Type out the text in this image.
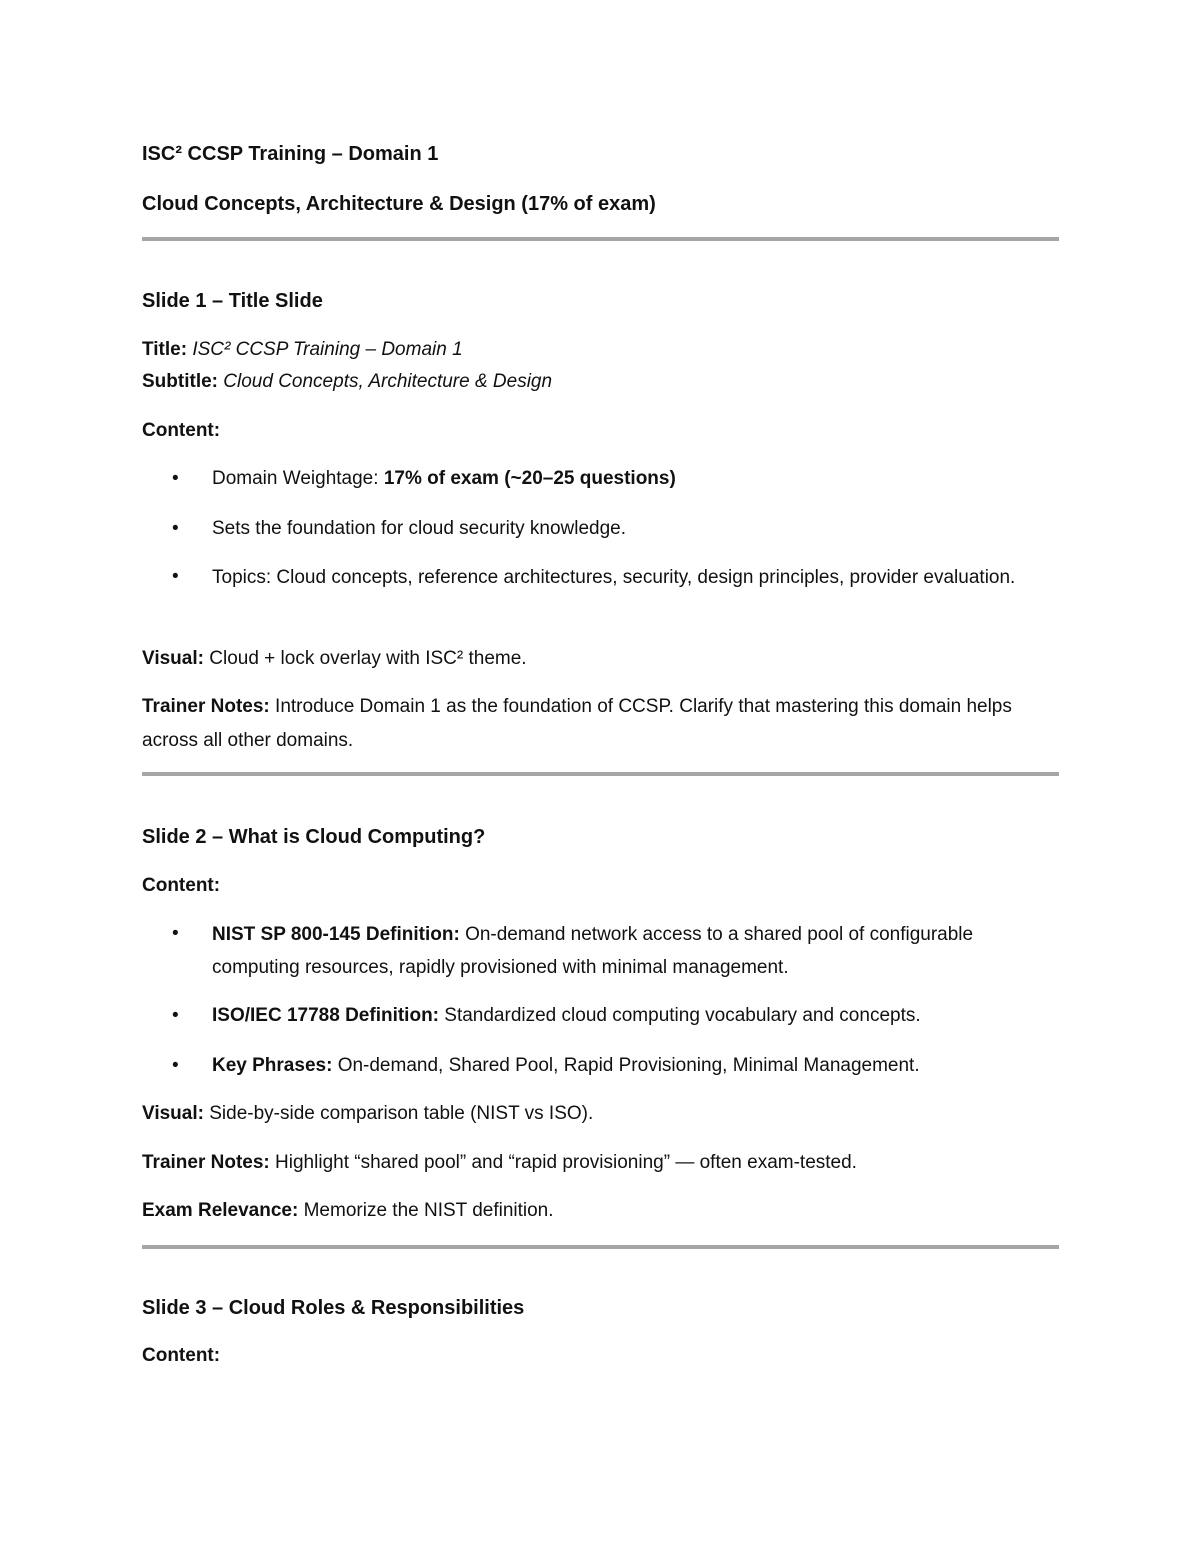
ISC² CCSP Training – Domain 1
Cloud Concepts, Architecture & Design (17% of exam)
Slide 1 – Title Slide
Title: ISC² CCSP Training – Domain 1
Subtitle: Cloud Concepts, Architecture & Design
Content:
• Domain Weightage: 17% of exam (~20–25 questions)
• Sets the foundation for cloud security knowledge.
• Topics: Cloud concepts, reference architectures, security, design principles, provider evaluation.
Visual: Cloud + lock overlay with ISC² theme.
Trainer Notes: Introduce Domain 1 as the foundation of CCSP. Clarify that mastering this domain helps across all other domains.
Slide 2 – What is Cloud Computing?
Content:
• NIST SP 800-145 Definition: On-demand network access to a shared pool of configurable computing resources, rapidly provisioned with minimal management.
• ISO/IEC 17788 Definition: Standardized cloud computing vocabulary and concepts.
• Key Phrases: On-demand, Shared Pool, Rapid Provisioning, Minimal Management.
Visual: Side-by-side comparison table (NIST vs ISO).
Trainer Notes: Highlight “shared pool” and “rapid provisioning” — often exam-tested.
Exam Relevance: Memorize the NIST definition.
Slide 3 – Cloud Roles & Responsibilities
Content:
